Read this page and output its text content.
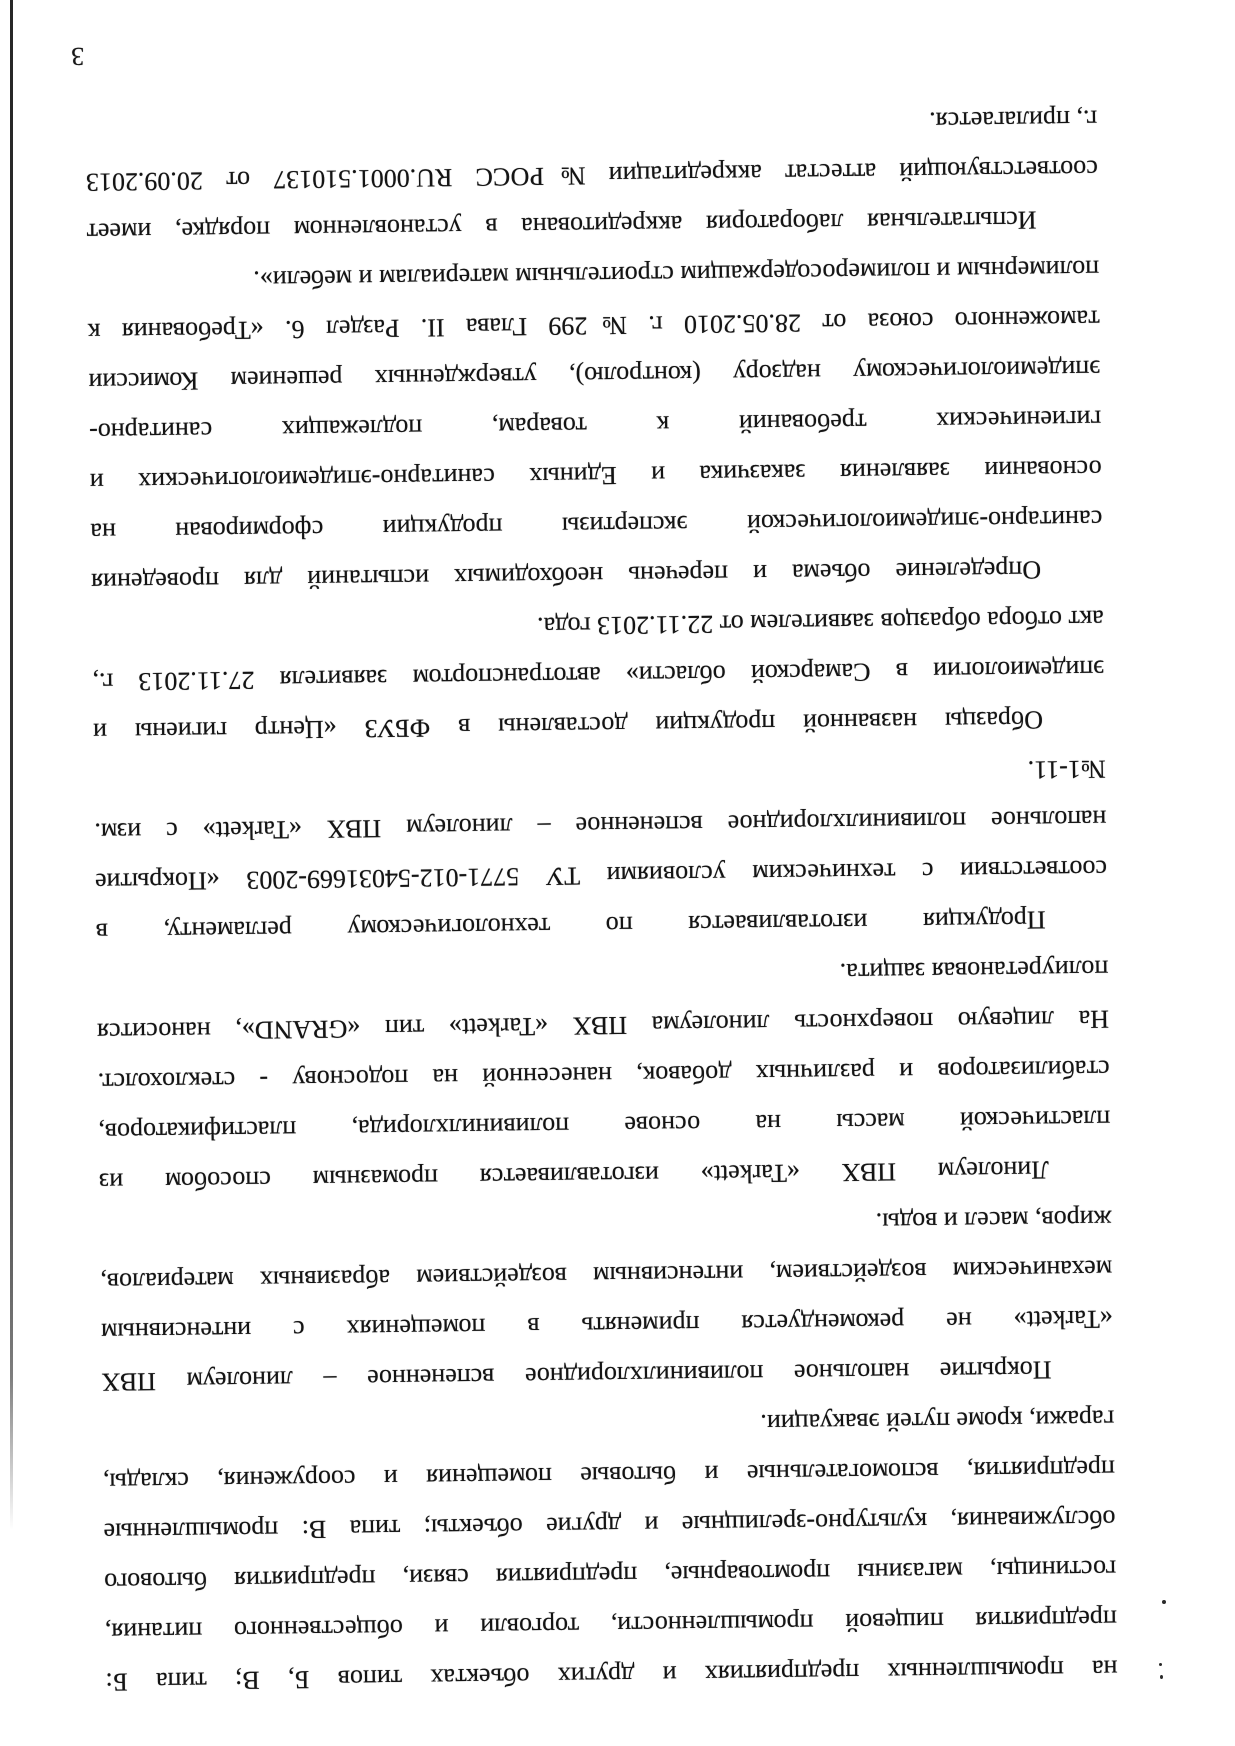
на промышленных предприятиях и других объектах типов Б, В; типа Б:
предприятия пищевой промышленности, торговли и общественного питания,
гостиницы, магазины промтоварные, предприятия связи, предприятия бытового
обслуживания, культурно-зрелищные и другие объекты; типа В: промышленные
предприятия, вспомогательные и бытовые помещения и сооружения, склады,
гаражи, кроме путей эвакуации.
Покрытие напольное поливинилхлоридное вспененное – линолеум ПВХ
«Tarkett» не рекомендуется применять в помещениях с интенсивным
механическим воздействием, интенсивным воздействием абразивных материалов,
жиров, масел и воды.
Линолеум ПВХ «Tarkett» изготавливается промазным способом из
пластической массы на основе поливинилхлорида, пластификаторов,
стабилизаторов и различных добавок, нанесенной на подоснову - стеклохолст.
На лицевую поверхность линолеума ПВХ «Tarkett» тип «GRAND», наносится
полиуретановая защита.
Продукция изготавливается по технологическому регламенту, в
соответствии с техническим условиями ТУ 5771-012-54031669-2003 «Покрытие
напольное поливинилхлоридное вспененное – линолеум ПВХ «Tarkett» с изм.
№1-11.
Образцы названной продукции доставлены в ФБУЗ «Центр гигиены и
эпидемиологии в Самарской области» автотранспортом заявителя 27.11.2013 г.,
акт отбора образцов заявителем от 22.11.2013 года.
Определение объема и перечень необходимых испытаний для проведения
санитарно-эпидемиологической экспертизы продукции сформирован на
основании заявления заказчика и Единых санитарно-эпидемиологических и
гигиенических требований к товарам, подлежащих санитарно-
эпидемиологическому надзору (контролю), утвержденных решением Комиссии
таможенного союза от 28.05.2010 г. №299 Глава II. Раздел 6. «Требования к
полимерным и полимеросодержащим строительным материалам и мебели».
Испытательная лаборатория аккредитована в установленном порядке, имеет
соответствующий аттестат аккредитации №РОСС RU.0001.510137 от 20.09.2013
г., прилагается.
3
